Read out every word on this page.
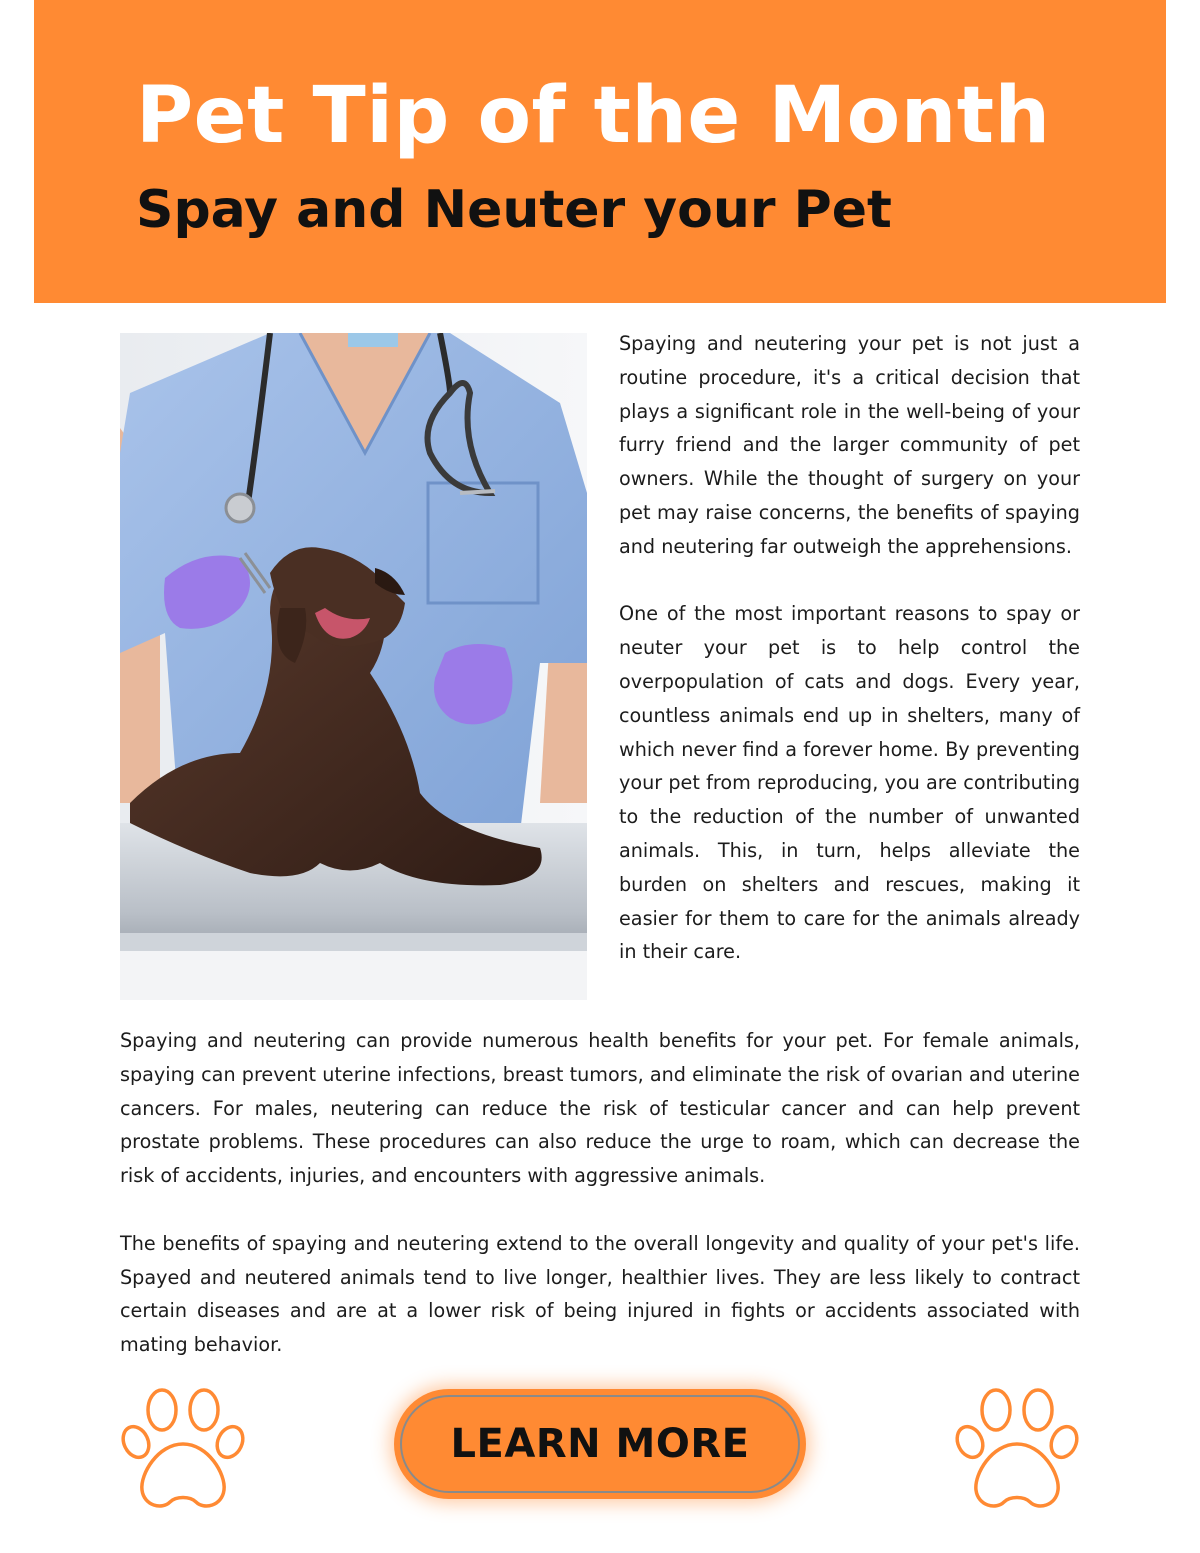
Pet Tip of the Month
Spay and Neuter your Pet

Spaying and neutering your pet is not just a routine procedure, it's a critical decision that plays a significant role in the well-being of your furry friend and the larger community of pet owners. While the thought of surgery on your pet may raise concerns, the benefits of spaying and neutering far outweigh the apprehensions.

One of the most important reasons to spay or neuter your pet is to help control the overpopulation of cats and dogs. Every year, countless animals end up in shelters, many of which never find a forever home. By preventing your pet from reproducing, you are contributing to the reduction of the number of unwanted animals. This, in turn, helps alleviate the burden on shelters and rescues, making it easier for them to care for the animals already in their care.

Spaying and neutering can provide numerous health benefits for your pet. For female animals, spaying can prevent uterine infections, breast tumors, and eliminate the risk of ovarian and uterine cancers. For males, neutering can reduce the risk of testicular cancer and can help prevent prostate problems. These procedures can also reduce the urge to roam, which can decrease the risk of accidents, injuries, and encounters with aggressive animals.

The benefits of spaying and neutering extend to the overall longevity and quality of your pet's life. Spayed and neutered animals tend to live longer, healthier lives. They are less likely to contract certain diseases and are at a lower risk of being injured in fights or accidents associated with mating behavior.

LEARN MORE
